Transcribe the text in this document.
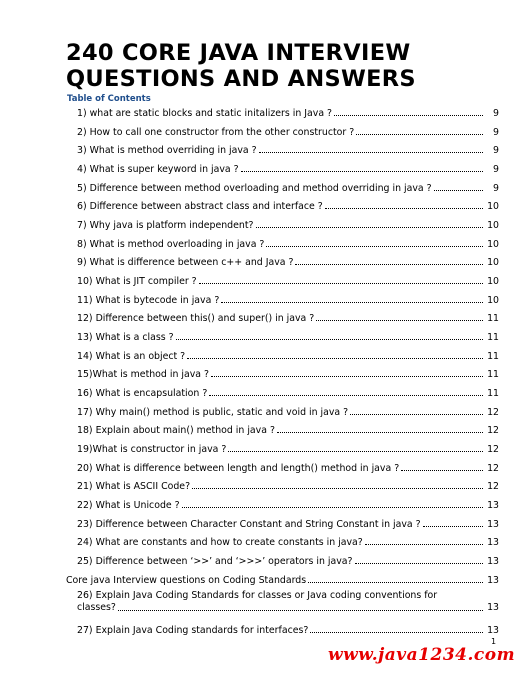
240 CORE JAVA INTERVIEW
QUESTIONS AND ANSWERS
Table of Contents
1) what are static blocks and static initalizers in Java ?	9
2) How to call one constructor from the other constructor ?	9
3) What is method overriding in java ?	9
4) What is super keyword in java ?	9
5) Difference between method overloading and method overriding in java ?	9
6) Difference between abstract class and interface ?	10
7) Why java is platform independent?	10
8) What is method overloading in java ?	10
9) What is difference between c++ and Java ?	10
10) What is JIT compiler ?	10
11) What is bytecode in java ?	10
12) Difference between this() and super() in java ?	11
13) What is a class ?	11
14) What is an object ?	11
15)What is method in java ?	11
16) What is encapsulation ?	11
17) Why main() method is public, static and void in java ?	12
18) Explain about main() method in java ?	12
19)What is constructor in java ?	12
20) What is difference between length and length() method in java ?	12
21) What is ASCII Code?	12
22) What is Unicode ?	13
23) Difference between Character Constant and String Constant in java ?	13
24) What are constants and how to create constants in java?	13
25) Difference between ‘>>’ and ‘>>>’ operators in java?	13
Core java Interview questions on Coding Standards	13
26) Explain Java Coding Standards for classes or Java coding conventions for
classes?	13
27) Explain Java Coding standards for interfaces?	13
1
www.java1234.com
